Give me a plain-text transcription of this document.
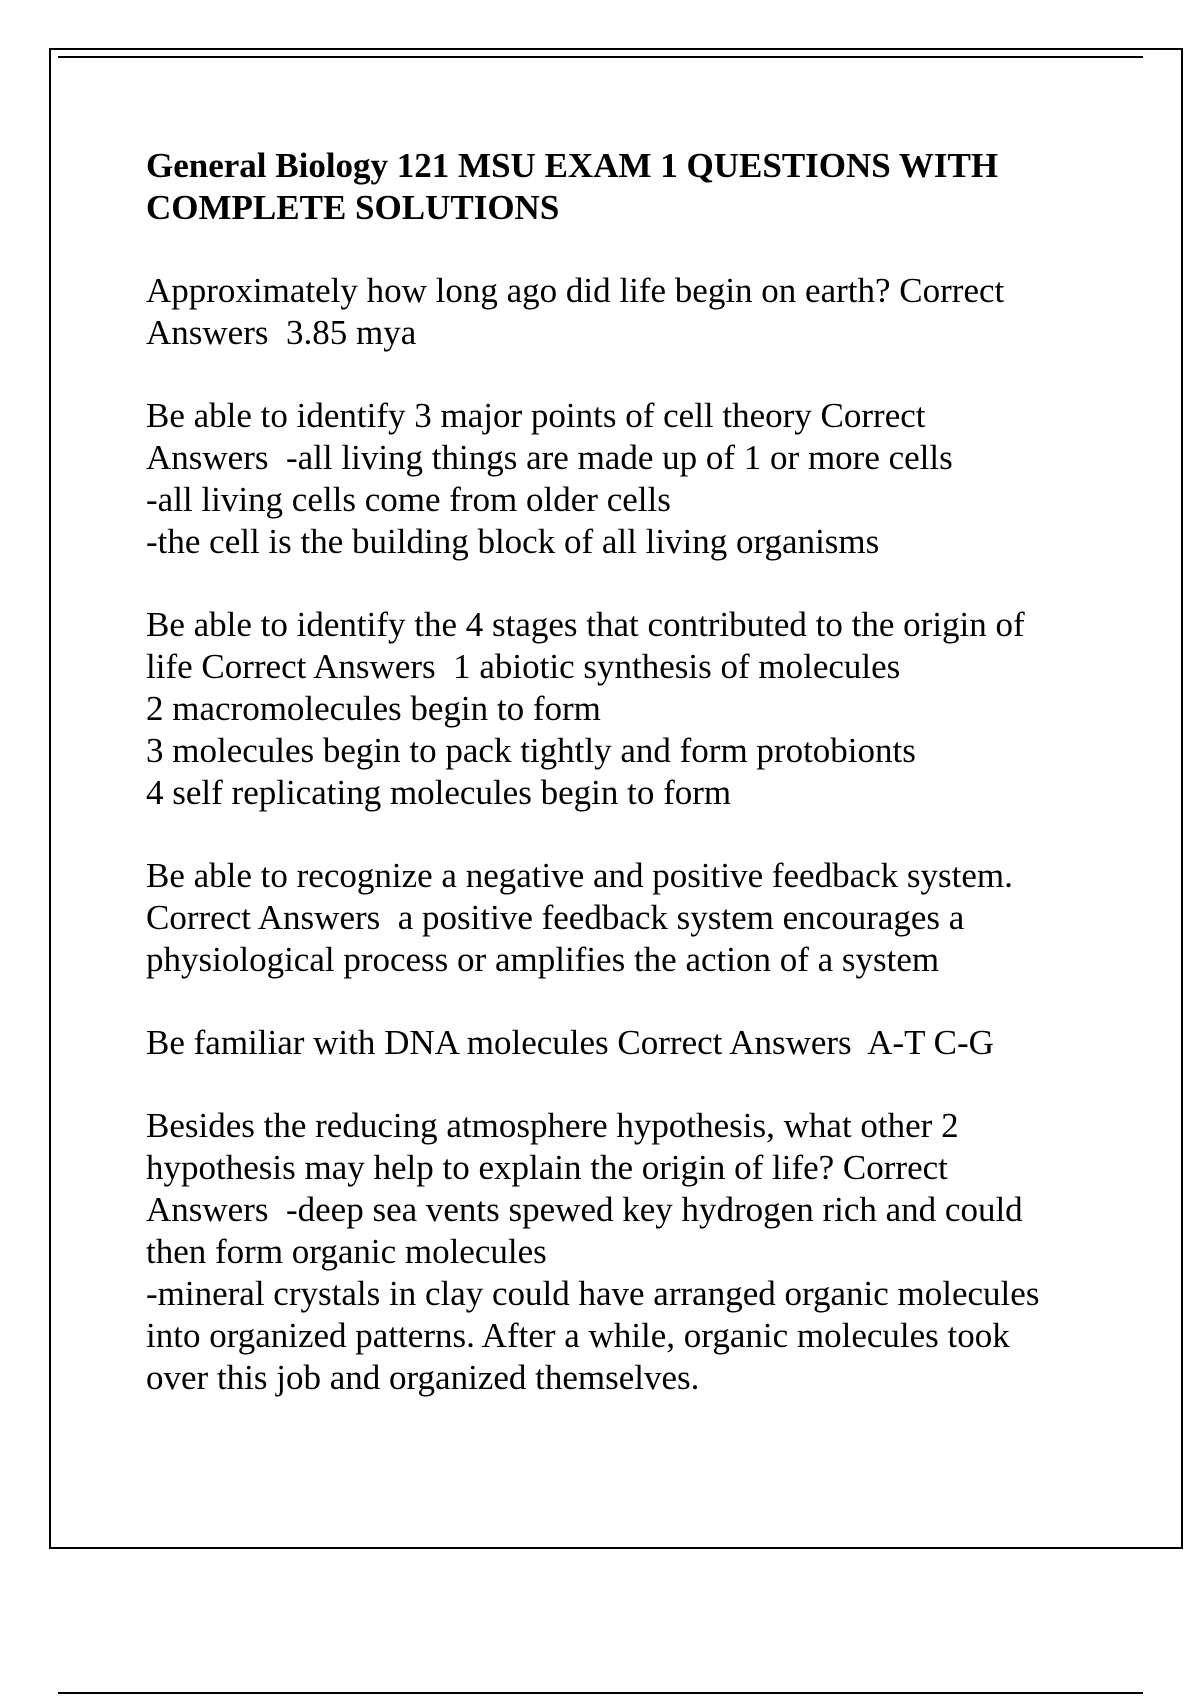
General Biology 121 MSU EXAM 1 QUESTIONS WITH
COMPLETE SOLUTIONS
Approximately how long ago did life begin on earth? Correct
Answers  3.85 mya
Be able to identify 3 major points of cell theory Correct
Answers  -all living things are made up of 1 or more cells
-all living cells come from older cells
-the cell is the building block of all living organisms
Be able to identify the 4 stages that contributed to the origin of
life Correct Answers  1 abiotic synthesis of molecules
2 macromolecules begin to form
3 molecules begin to pack tightly and form protobionts
4 self replicating molecules begin to form
Be able to recognize a negative and positive feedback system.
Correct Answers  a positive feedback system encourages a
physiological process or amplifies the action of a system
Be familiar with DNA molecules Correct Answers  A-T C-G
Besides the reducing atmosphere hypothesis, what other 2
hypothesis may help to explain the origin of life? Correct
Answers  -deep sea vents spewed key hydrogen rich and could
then form organic molecules
-mineral crystals in clay could have arranged organic molecules
into organized patterns. After a while, organic molecules took
over this job and organized themselves.
